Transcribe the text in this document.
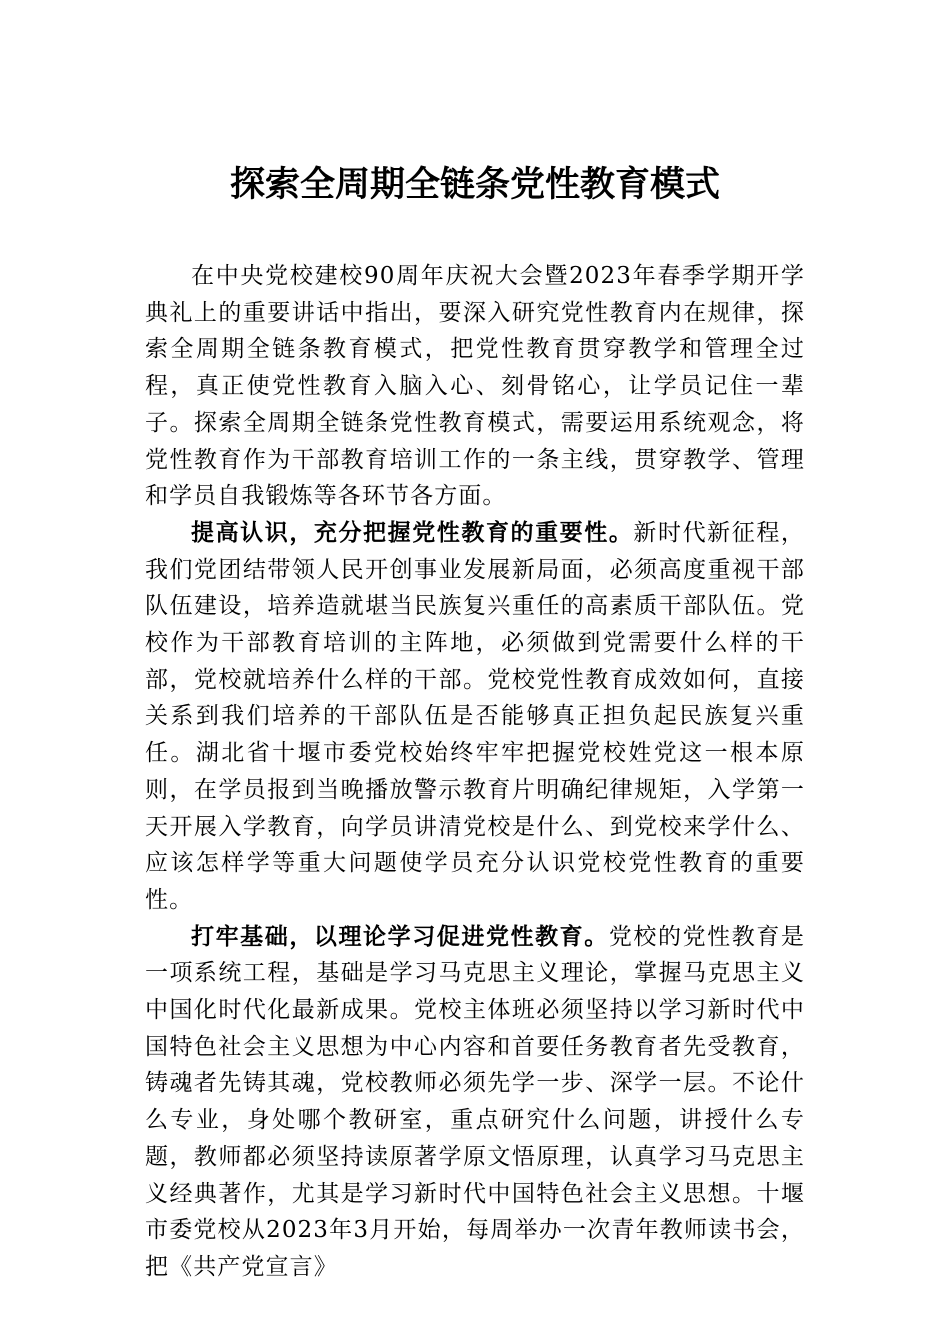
探索全周期全链条党性教育模式

在中央党校建校90周年庆祝大会暨2023年春季学期开学典礼上的重要讲话中指出，要深入研究党性教育内在规律，探索全周期全链条教育模式，把党性教育贯穿教学和管理全过程，真正使党性教育入脑入心、刻骨铭心，让学员记住一辈子。探索全周期全链条党性教育模式，需要运用系统观念，将党性教育作为干部教育培训工作的一条主线，贯穿教学、管理和学员自我锻炼等各环节各方面。

提高认识，充分把握党性教育的重要性。新时代新征程，我们党团结带领人民开创事业发展新局面，必须高度重视干部队伍建设，培养造就堪当民族复兴重任的高素质干部队伍。党校作为干部教育培训的主阵地，必须做到党需要什么样的干部，党校就培养什么样的干部。党校党性教育成效如何，直接关系到我们培养的干部队伍是否能够真正担负起民族复兴重任。湖北省十堰市委党校始终牢牢把握党校姓党这一根本原则，在学员报到当晚播放警示教育片明确纪律规矩，入学第一天开展入学教育，向学员讲清党校是什么、到党校来学什么、应该怎样学等重大问题使学员充分认识党校党性教育的重要性。

打牢基础，以理论学习促进党性教育。党校的党性教育是一项系统工程，基础是学习马克思主义理论，掌握马克思主义中国化时代化最新成果。党校主体班必须坚持以学习新时代中国特色社会主义思想为中心内容和首要任务教育者先受教育，铸魂者先铸其魂，党校教师必须先学一步、深学一层。不论什么专业，身处哪个教研室，重点研究什么问题，讲授什么专题，教师都必须坚持读原著学原文悟原理，认真学习马克思主义经典著作，尤其是学习新时代中国特色社会主义思想。十堰市委党校从2023年3月开始，每周举办一次青年教师读书会，把《共产党宣言》
